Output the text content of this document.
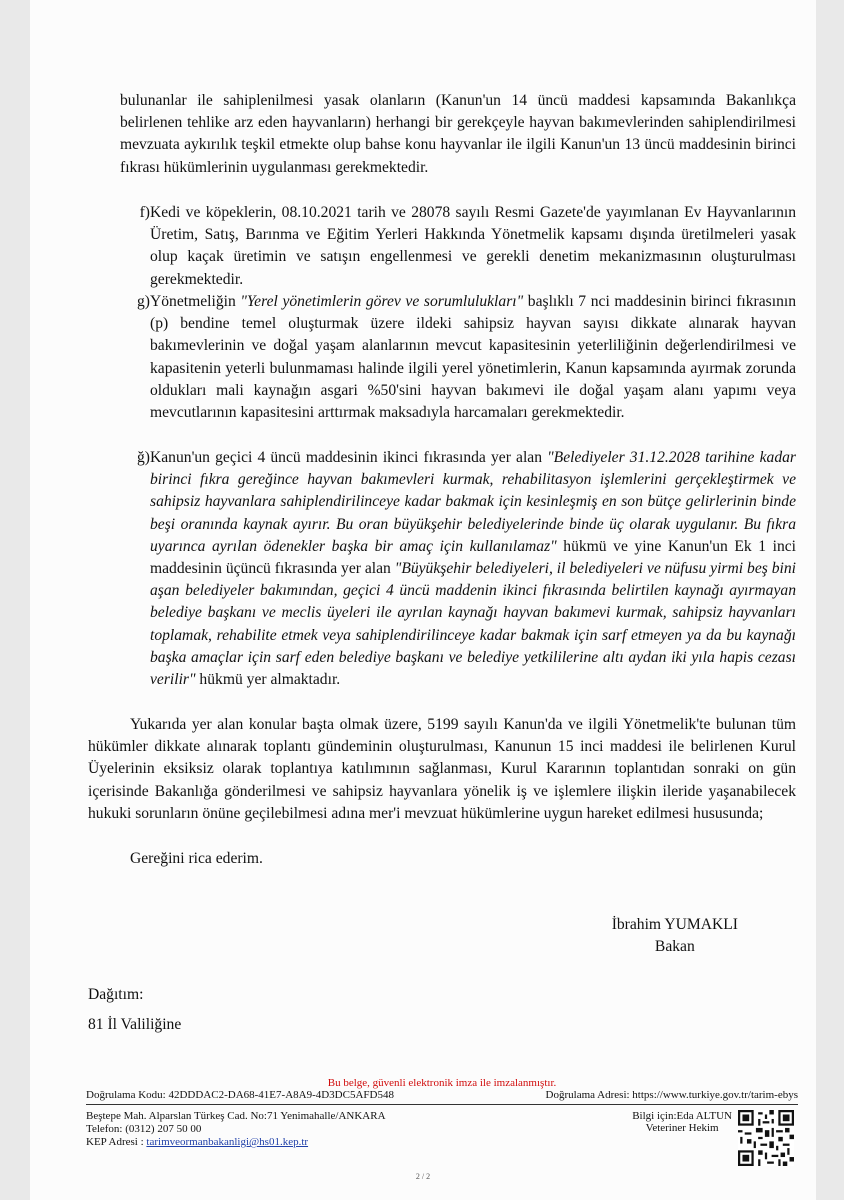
bulunanlar ile sahiplenilmesi yasak olanların (Kanun'un 14 üncü maddesi kapsamında Bakanlıkça belirlenen tehlike arz eden hayvanların) herhangi bir gerekçeyle hayvan bakımevlerinden sahiplendirilmesi mevzuata aykırılık teşkil etmekte olup bahse konu hayvanlar ile ilgili Kanun'un 13 üncü maddesinin birinci fıkrası hükümlerinin uygulanması gerekmektedir.
f) Kedi ve köpeklerin, 08.10.2021 tarih ve 28078 sayılı Resmi Gazete'de yayımlanan Ev Hayvanlarının Üretim, Satış, Barınma ve Eğitim Yerleri Hakkında Yönetmelik kapsamı dışında üretilmeleri yasak olup kaçak üretimin ve satışın engellenmesi ve gerekli denetim mekanizmasının oluşturulması gerekmektedir.
g) Yönetmeliğin "Yerel yönetimlerin görev ve sorumlulukları" başlıklı 7 nci maddesinin birinci fıkrasının (p) bendine temel oluşturmak üzere ildeki sahipsiz hayvan sayısı dikkate alınarak hayvan bakımevlerinin ve doğal yaşam alanlarının mevcut kapasitesinin yeterliliğinin değerlendirilmesi ve kapasitenin yeterli bulunmaması halinde ilgili yerel yönetimlerin, Kanun kapsamında ayırmak zorunda oldukları mali kaynağın asgari %50'sini hayvan bakımevi ile doğal yaşam alanı yapımı veya mevcutlarının kapasitesini arttırmak maksadıyla harcamaları gerekmektedir.
ğ) Kanun'un geçici 4 üncü maddesinin ikinci fıkrasında yer alan "Belediyeler 31.12.2028 tarihine kadar birinci fıkra gereğince hayvan bakımevleri kurmak, rehabilitasyon işlemlerini gerçekleştirmek ve sahipsiz hayvanlara sahiplendirilinceye kadar bakmak için kesinleşmiş en son bütçe gelirlerinin binde beşi oranında kaynak ayırır. Bu oran büyükşehir belediyelerinde binde üç olarak uygulanır. Bu fıkra uyarınca ayrılan ödenekler başka bir amaç için kullanılamaz" hükmü ve yine Kanun'un Ek 1 inci maddesinin üçüncü fıkrasında yer alan "Büyükşehir belediyeleri, il belediyeleri ve nüfusu yirmi beş bini aşan belediyeler bakımından, geçici 4 üncü maddenin ikinci fıkrasında belirtilen kaynağı ayırmayan belediye başkanı ve meclis üyeleri ile ayrılan kaynağı hayvan bakımevi kurmak, sahipsiz hayvanları toplamak, rehabilite etmek veya sahiplendirilinceye kadar bakmak için sarf etmeyen ya da bu kaynağı başka amaçlar için sarf eden belediye başkanı ve belediye yetkililerine altı aydan iki yıla hapis cezası verilir" hükmü yer almaktadır.
Yukarıda yer alan konular başta olmak üzere, 5199 sayılı Kanun'da ve ilgili Yönetmelik'te bulunan tüm hükümler dikkate alınarak toplantı gündeminin oluşturulması, Kanunun 15 inci maddesi ile belirlenen Kurul Üyelerinin eksiksiz olarak toplantıya katılımının sağlanması, Kurul Kararının toplantıdan sonraki on gün içerisinde Bakanlığa gönderilmesi ve sahipsiz hayvanlara yönelik iş ve işlemlere ilişkin ileride yaşanabilecek hukuki sorunların önüne geçilebilmesi adına mer'i mevzuat hükümlerine uygun hareket edilmesi hususunda;
Gereğini rica ederim.
İbrahim YUMAKLI
Bakan
Dağıtım:
81 İl Valiliğine
Bu belge, güvenli elektronik imza ile imzalanmıştır.
Doğrulama Kodu: 42DDDAC2-DA68-41E7-A8A9-4D3DC5AFD548	Doğrulama Adresi: https://www.turkiye.gov.tr/tarim-ebys
Beştepe Mah. Alparslan Türkeş Cad. No:71 Yenimahalle/ANKARA
Telefon: (0312) 207 50 00
KEP Adresi : tarimveormanbakanligi@hs01.kep.tr
Bilgi için:Eda ALTUN
Veteriner Hekim
2 / 2
